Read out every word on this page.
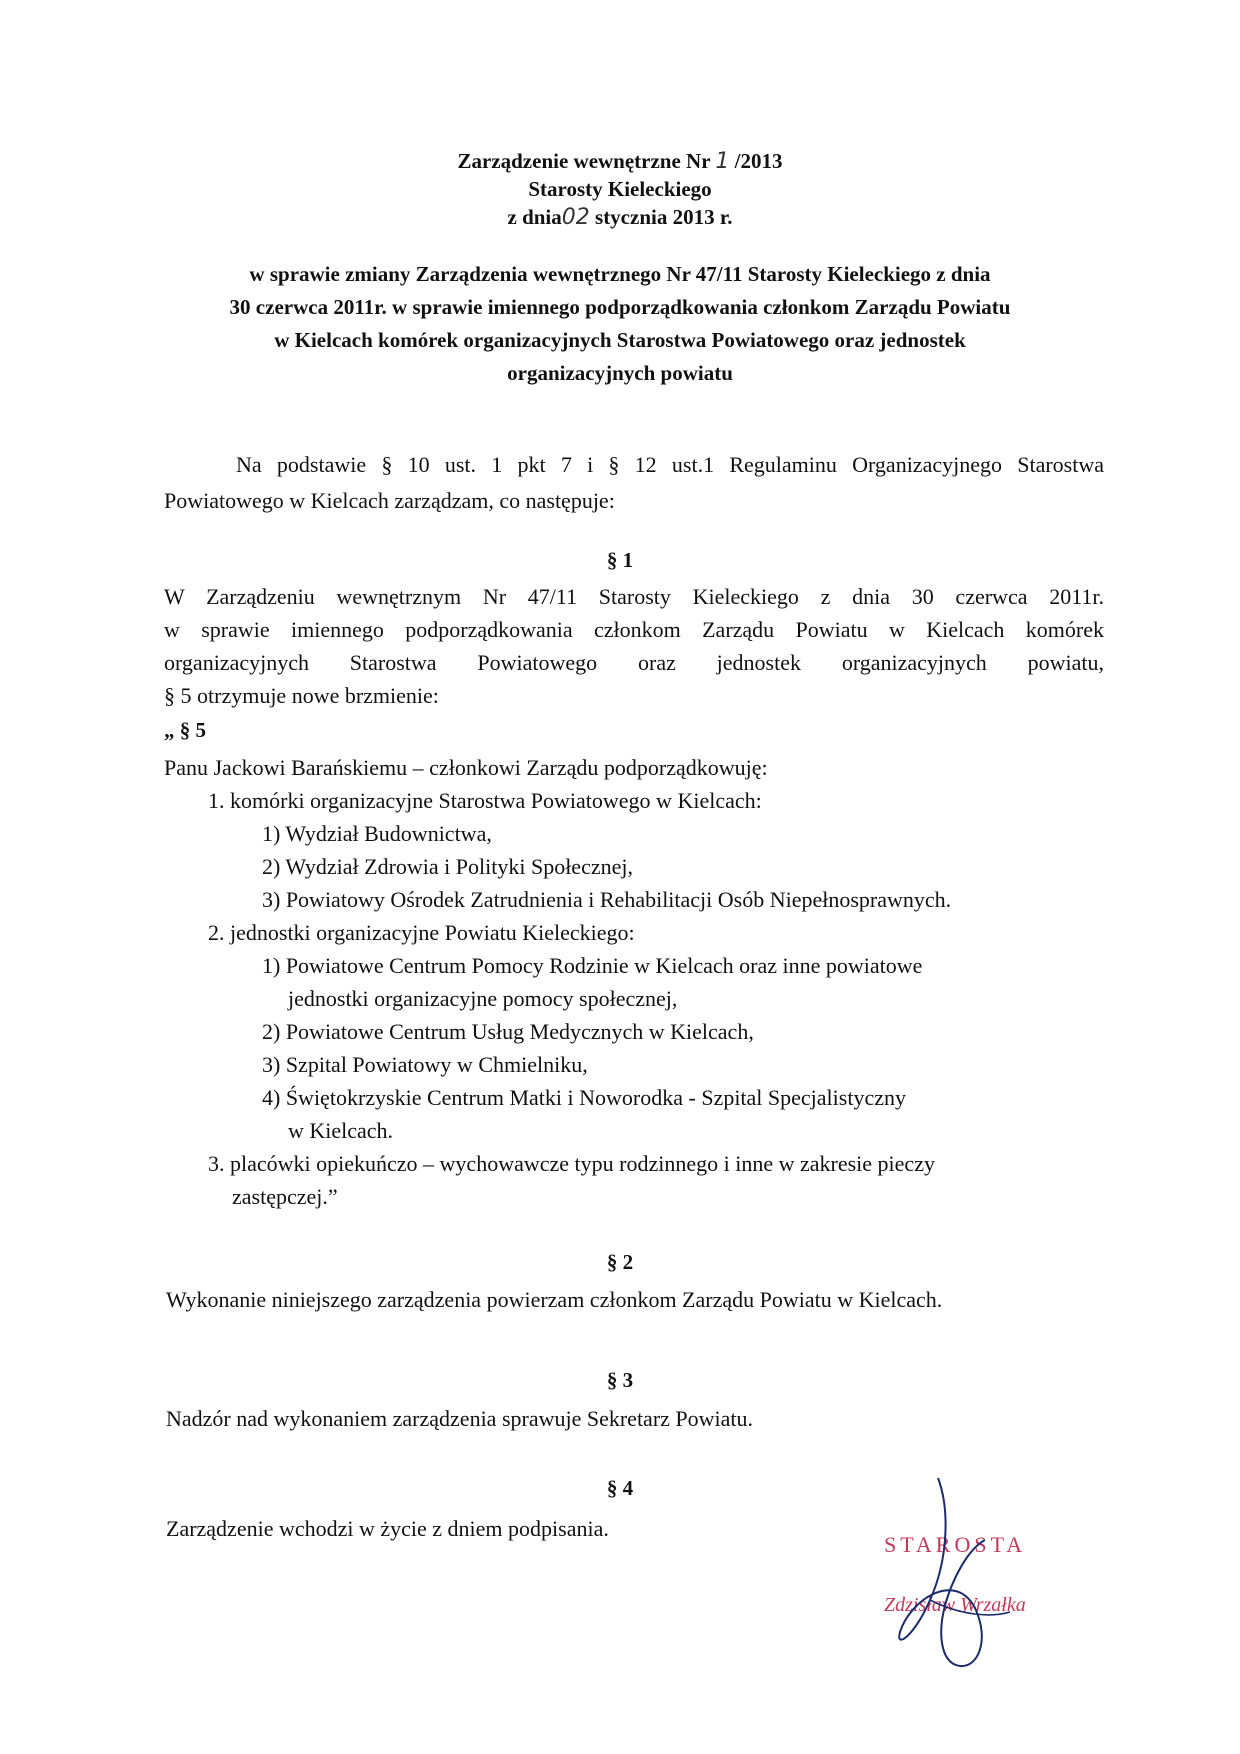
Zarządzenie wewnętrzne Nr 1 /2013
Starosty Kieleckiego
z dnia02 stycznia 2013 r.
w sprawie zmiany Zarządzenia wewnętrznego Nr 47/11 Starosty Kieleckiego z dnia
30 czerwca 2011r. w sprawie imiennego podporządkowania członkom Zarządu Powiatu
w Kielcach komórek organizacyjnych Starostwa Powiatowego oraz jednostek
organizacyjnych powiatu
Na podstawie § 10 ust. 1 pkt 7 i § 12 ust.1 Regulaminu Organizacyjnego Starostwa
Powiatowego w Kielcach zarządzam, co następuje:
§ 1
W Zarządzeniu wewnętrznym Nr 47/11 Starosty Kieleckiego z dnia 30 czerwca 2011r.
w sprawie imiennego podporządkowania członkom Zarządu Powiatu w Kielcach komórek
organizacyjnych Starostwa Powiatowego oraz jednostek organizacyjnych powiatu,
§ 5 otrzymuje nowe brzmienie:
„ § 5
Panu Jackowi Barańskiemu – członkowi Zarządu podporządkowuję:
1. komórki organizacyjne Starostwa Powiatowego w Kielcach:
1) Wydział Budownictwa,
2) Wydział Zdrowia i Polityki Społecznej,
3) Powiatowy Ośrodek Zatrudnienia i Rehabilitacji Osób Niepełnosprawnych.
2. jednostki organizacyjne Powiatu Kieleckiego:
1) Powiatowe Centrum Pomocy Rodzinie w Kielcach oraz inne powiatowe
jednostki organizacyjne pomocy społecznej,
2) Powiatowe Centrum Usług Medycznych w Kielcach,
3) Szpital Powiatowy w Chmielniku,
4) Świętokrzyskie Centrum Matki i Noworodka - Szpital Specjalistyczny
w Kielcach.
3. placówki opiekuńczo – wychowawcze typu rodzinnego i inne w zakresie pieczy
zastępczej.”
§ 2
Wykonanie niniejszego zarządzenia powierzam członkom Zarządu Powiatu w Kielcach.
§ 3
Nadzór nad wykonaniem zarządzenia sprawuje Sekretarz Powiatu.
§ 4
Zarządzenie wchodzi w życie z dniem podpisania.
STAROSTA
Zdzisław Wrzałka
